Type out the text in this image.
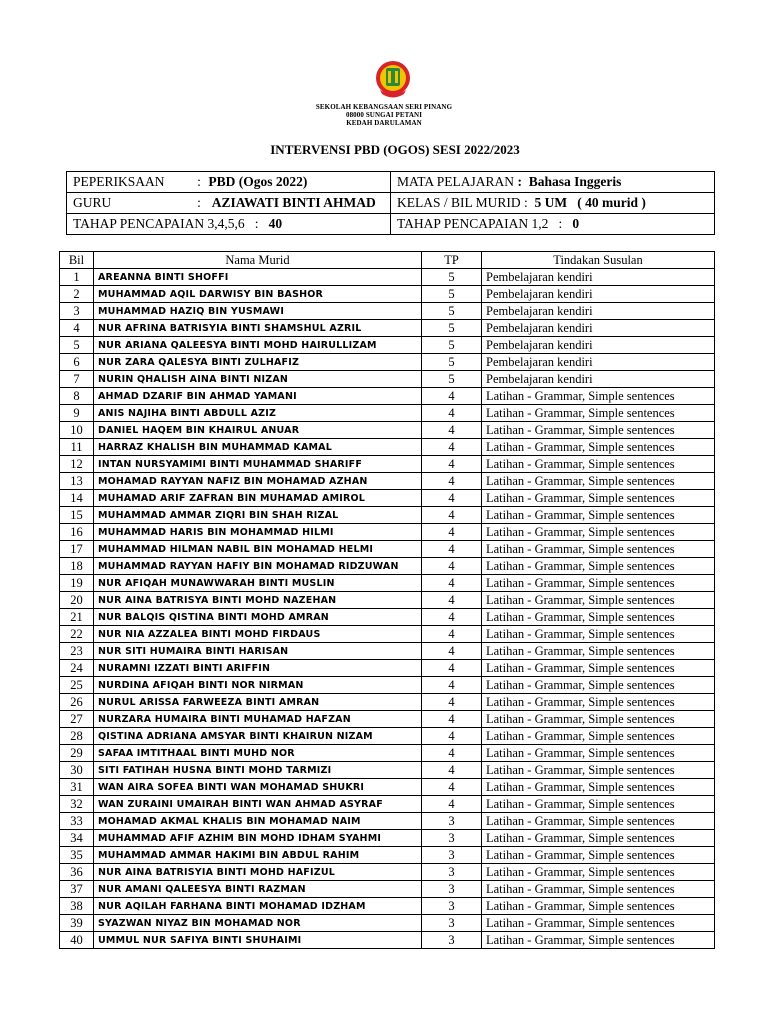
SEKOLAH KEBANGSAAN SERI PINANG
08000 SUNGAI PETANI
KEDAH DARULAMAN
INTERVENSI PBD (OGOS) SESI 2022/2023
PEPERIKSAAN : PBD (Ogos 2022)	MATA PELAJARAN : Bahasa Inggeris
GURU : AZIAWATI BINTI AHMAD	KELAS / BIL MURID : 5 UM ( 40 murid )
TAHAP PENCAPAIAN 3,4,5,6 : 40	TAHAP PENCAPAIAN 1,2 : 0
Bil	Nama Murid	TP	Tindakan Susulan
1	AREANNA BINTI SHOFFI	5	Pembelajaran kendiri
2	MUHAMMAD AQIL DARWISY BIN BASHOR	5	Pembelajaran kendiri
3	MUHAMMAD HAZIQ BIN YUSMAWI	5	Pembelajaran kendiri
4	NUR AFRINA BATRISYIA BINTI SHAMSHUL AZRIL	5	Pembelajaran kendiri
5	NUR ARIANA QALEESYA BINTI MOHD HAIRULLIZAM	5	Pembelajaran kendiri
6	NUR ZARA QALESYA BINTI ZULHAFIZ	5	Pembelajaran kendiri
7	NURIN QHALISH AINA BINTI NIZAN	5	Pembelajaran kendiri
8	AHMAD DZARIF BIN AHMAD YAMANI	4	Latihan - Grammar, Simple sentences
9	ANIS NAJIHA BINTI ABDULL AZIZ	4	Latihan - Grammar, Simple sentences
10	DANIEL HAQEM BIN KHAIRUL ANUAR	4	Latihan - Grammar, Simple sentences
11	HARRAZ KHALISH BIN MUHAMMAD KAMAL	4	Latihan - Grammar, Simple sentences
12	INTAN NURSYAMIMI BINTI MUHAMMAD SHARIFF	4	Latihan - Grammar, Simple sentences
13	MOHAMAD RAYYAN NAFIZ BIN MOHAMAD AZHAN	4	Latihan - Grammar, Simple sentences
14	MUHAMAD ARIF ZAFRAN BIN MUHAMAD AMIROL	4	Latihan - Grammar, Simple sentences
15	MUHAMMAD AMMAR ZIQRI BIN SHAH RIZAL	4	Latihan - Grammar, Simple sentences
16	MUHAMMAD HARIS BIN MOHAMMAD HILMI	4	Latihan - Grammar, Simple sentences
17	MUHAMMAD HILMAN NABIL BIN MOHAMAD HELMI	4	Latihan - Grammar, Simple sentences
18	MUHAMMAD RAYYAN HAFIY BIN MOHAMAD RIDZUWAN	4	Latihan - Grammar, Simple sentences
19	NUR AFIQAH MUNAWWARAH BINTI MUSLIN	4	Latihan - Grammar, Simple sentences
20	NUR AINA BATRISYA BINTI MOHD NAZEHAN	4	Latihan - Grammar, Simple sentences
21	NUR BALQIS QISTINA BINTI MOHD AMRAN	4	Latihan - Grammar, Simple sentences
22	NUR NIA AZZALEA BINTI MOHD FIRDAUS	4	Latihan - Grammar, Simple sentences
23	NUR SITI HUMAIRA BINTI HARISAN	4	Latihan - Grammar, Simple sentences
24	NURAMNI IZZATI BINTI ARIFFIN	4	Latihan - Grammar, Simple sentences
25	NURDINA AFIQAH BINTI NOR NIRMAN	4	Latihan - Grammar, Simple sentences
26	NURUL ARISSA FARWEEZA BINTI AMRAN	4	Latihan - Grammar, Simple sentences
27	NURZARA HUMAIRA BINTI MUHAMAD HAFZAN	4	Latihan - Grammar, Simple sentences
28	QISTINA ADRIANA AMSYAR BINTI KHAIRUN NIZAM	4	Latihan - Grammar, Simple sentences
29	SAFAA IMTITHAAL BINTI MUHD NOR	4	Latihan - Grammar, Simple sentences
30	SITI FATIHAH HUSNA BINTI MOHD TARMIZI	4	Latihan - Grammar, Simple sentences
31	WAN AIRA SOFEA BINTI WAN MOHAMAD SHUKRI	4	Latihan - Grammar, Simple sentences
32	WAN ZURAINI UMAIRAH BINTI WAN AHMAD ASYRAF	4	Latihan - Grammar, Simple sentences
33	MOHAMAD AKMAL KHALIS BIN MOHAMAD NAIM	3	Latihan - Grammar, Simple sentences
34	MUHAMMAD AFIF AZHIM BIN MOHD IDHAM SYAHMI	3	Latihan - Grammar, Simple sentences
35	MUHAMMAD AMMAR HAKIMI BIN ABDUL RAHIM	3	Latihan - Grammar, Simple sentences
36	NUR AINA BATRISYIA BINTI MOHD HAFIZUL	3	Latihan - Grammar, Simple sentences
37	NUR AMANI QALEESYA BINTI RAZMAN	3	Latihan - Grammar, Simple sentences
38	NUR AQILAH FARHANA BINTI MOHAMAD IDZHAM	3	Latihan - Grammar, Simple sentences
39	SYAZWAN NIYAZ BIN MOHAMAD NOR	3	Latihan - Grammar, Simple sentences
40	UMMUL NUR SAFIYA BINTI SHUHAIMI	3	Latihan - Grammar, Simple sentences
